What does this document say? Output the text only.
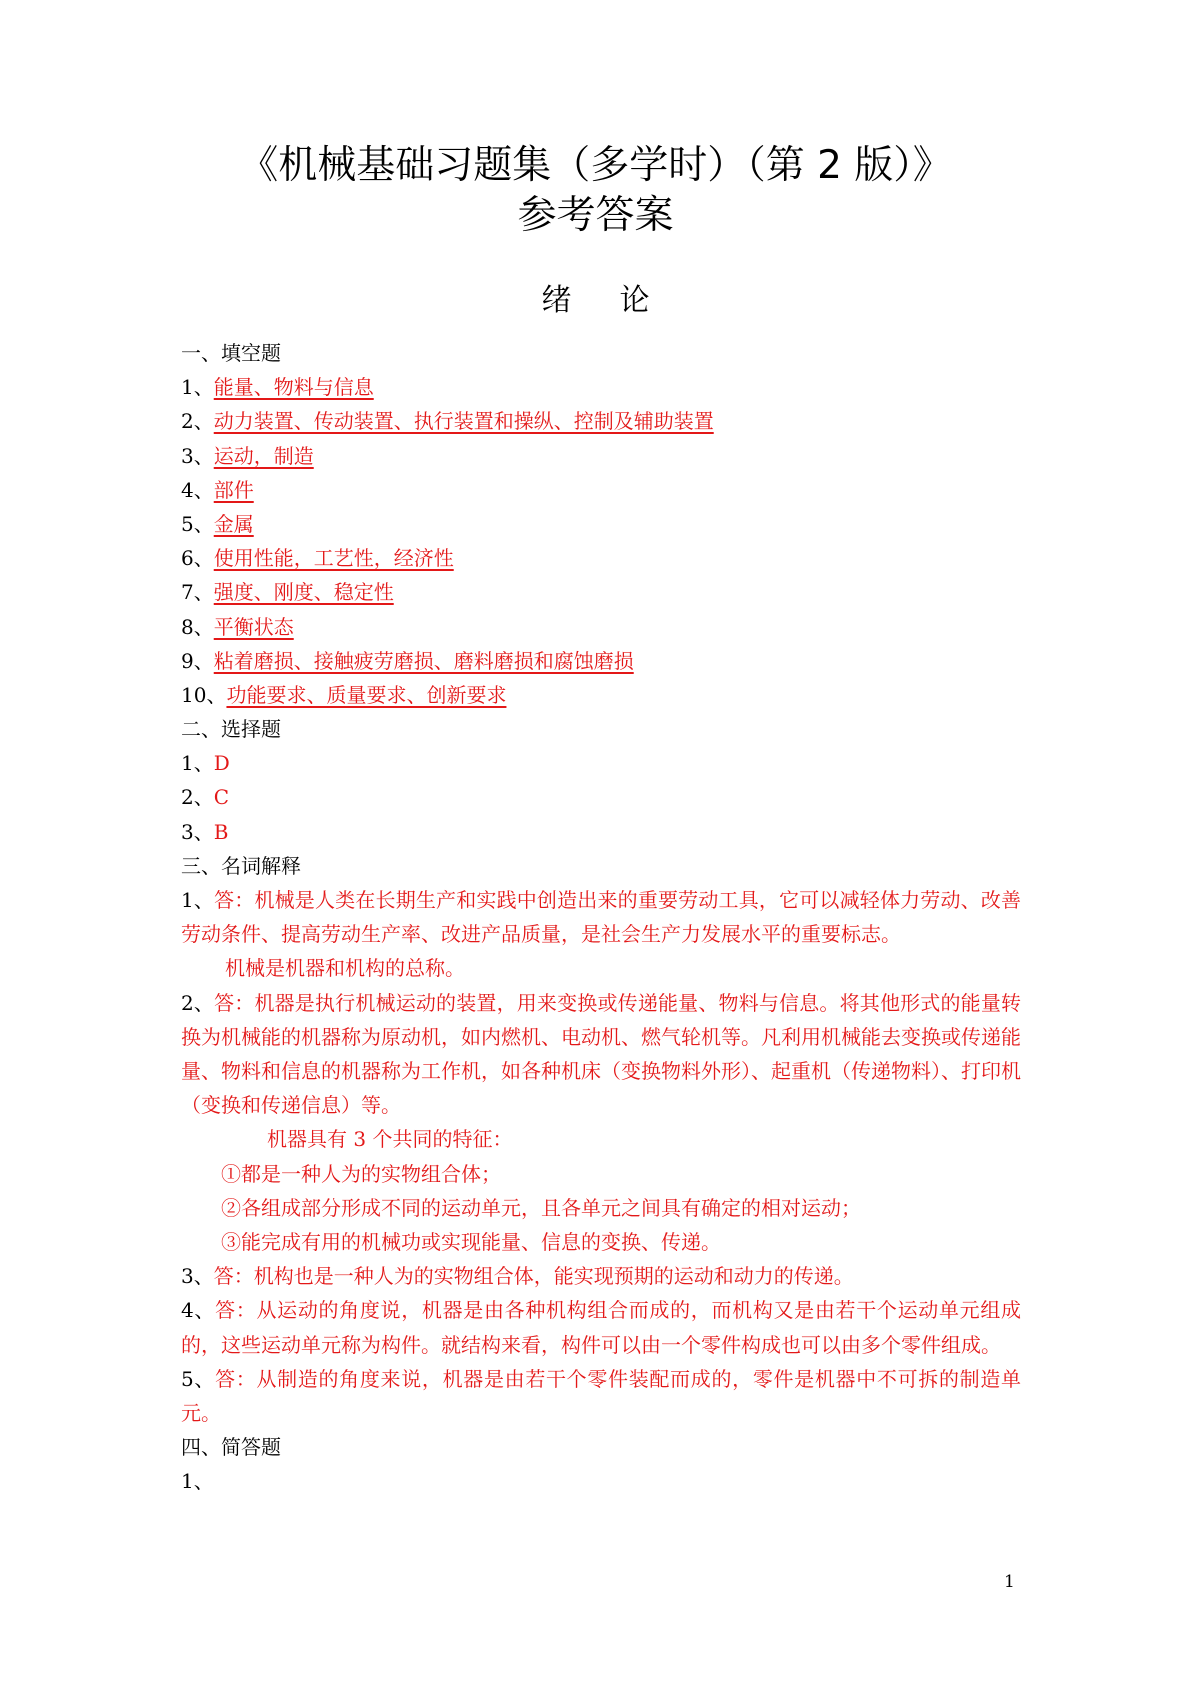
《机械基础习题集（多学时）（第 2 版）》
参考答案
绪 论
一、填空题
1、能量、物料与信息
2、动力装置、传动装置、执行装置和操纵、控制及辅助装置
3、运动，制造
4、部件
5、金属
6、使用性能，工艺性，经济性
7、强度、刚度、稳定性
8、平衡状态
9、粘着磨损、接触疲劳磨损、磨料磨损和腐蚀磨损
10、功能要求、质量要求、创新要求
二、选择题
1、D
2、C
3、B
三、名词解释
1、答：机械是人类在长期生产和实践中创造出来的重要劳动工具，它可以减轻体力劳动、改善劳动条件、提高劳动生产率、改进产品质量，是社会生产力发展水平的重要标志。
机械是机器和机构的总称。
2、答：机器是执行机械运动的装置，用来变换或传递能量、物料与信息。将其他形式的能量转换为机械能的机器称为原动机，如内燃机、电动机、燃气轮机等。凡利用机械能去变换或传递能量、物料和信息的机器称为工作机，如各种机床（变换物料外形）、起重机（传递物料）、打印机（变换和传递信息）等。
机器具有 3 个共同的特征：
①都是一种人为的实物组合体；
②各组成部分形成不同的运动单元，且各单元之间具有确定的相对运动；
③能完成有用的机械功或实现能量、信息的变换、传递。
3、答：机构也是一种人为的实物组合体，能实现预期的运动和动力的传递。
4、答：从运动的角度说，机器是由各种机构组合而成的，而机构又是由若干个运动单元组成的，这些运动单元称为构件。就结构来看，构件可以由一个零件构成也可以由多个零件组成。
5、答：从制造的角度来说，机器是由若干个零件装配而成的，零件是机器中不可拆的制造单元。
四、简答题
1、
1
